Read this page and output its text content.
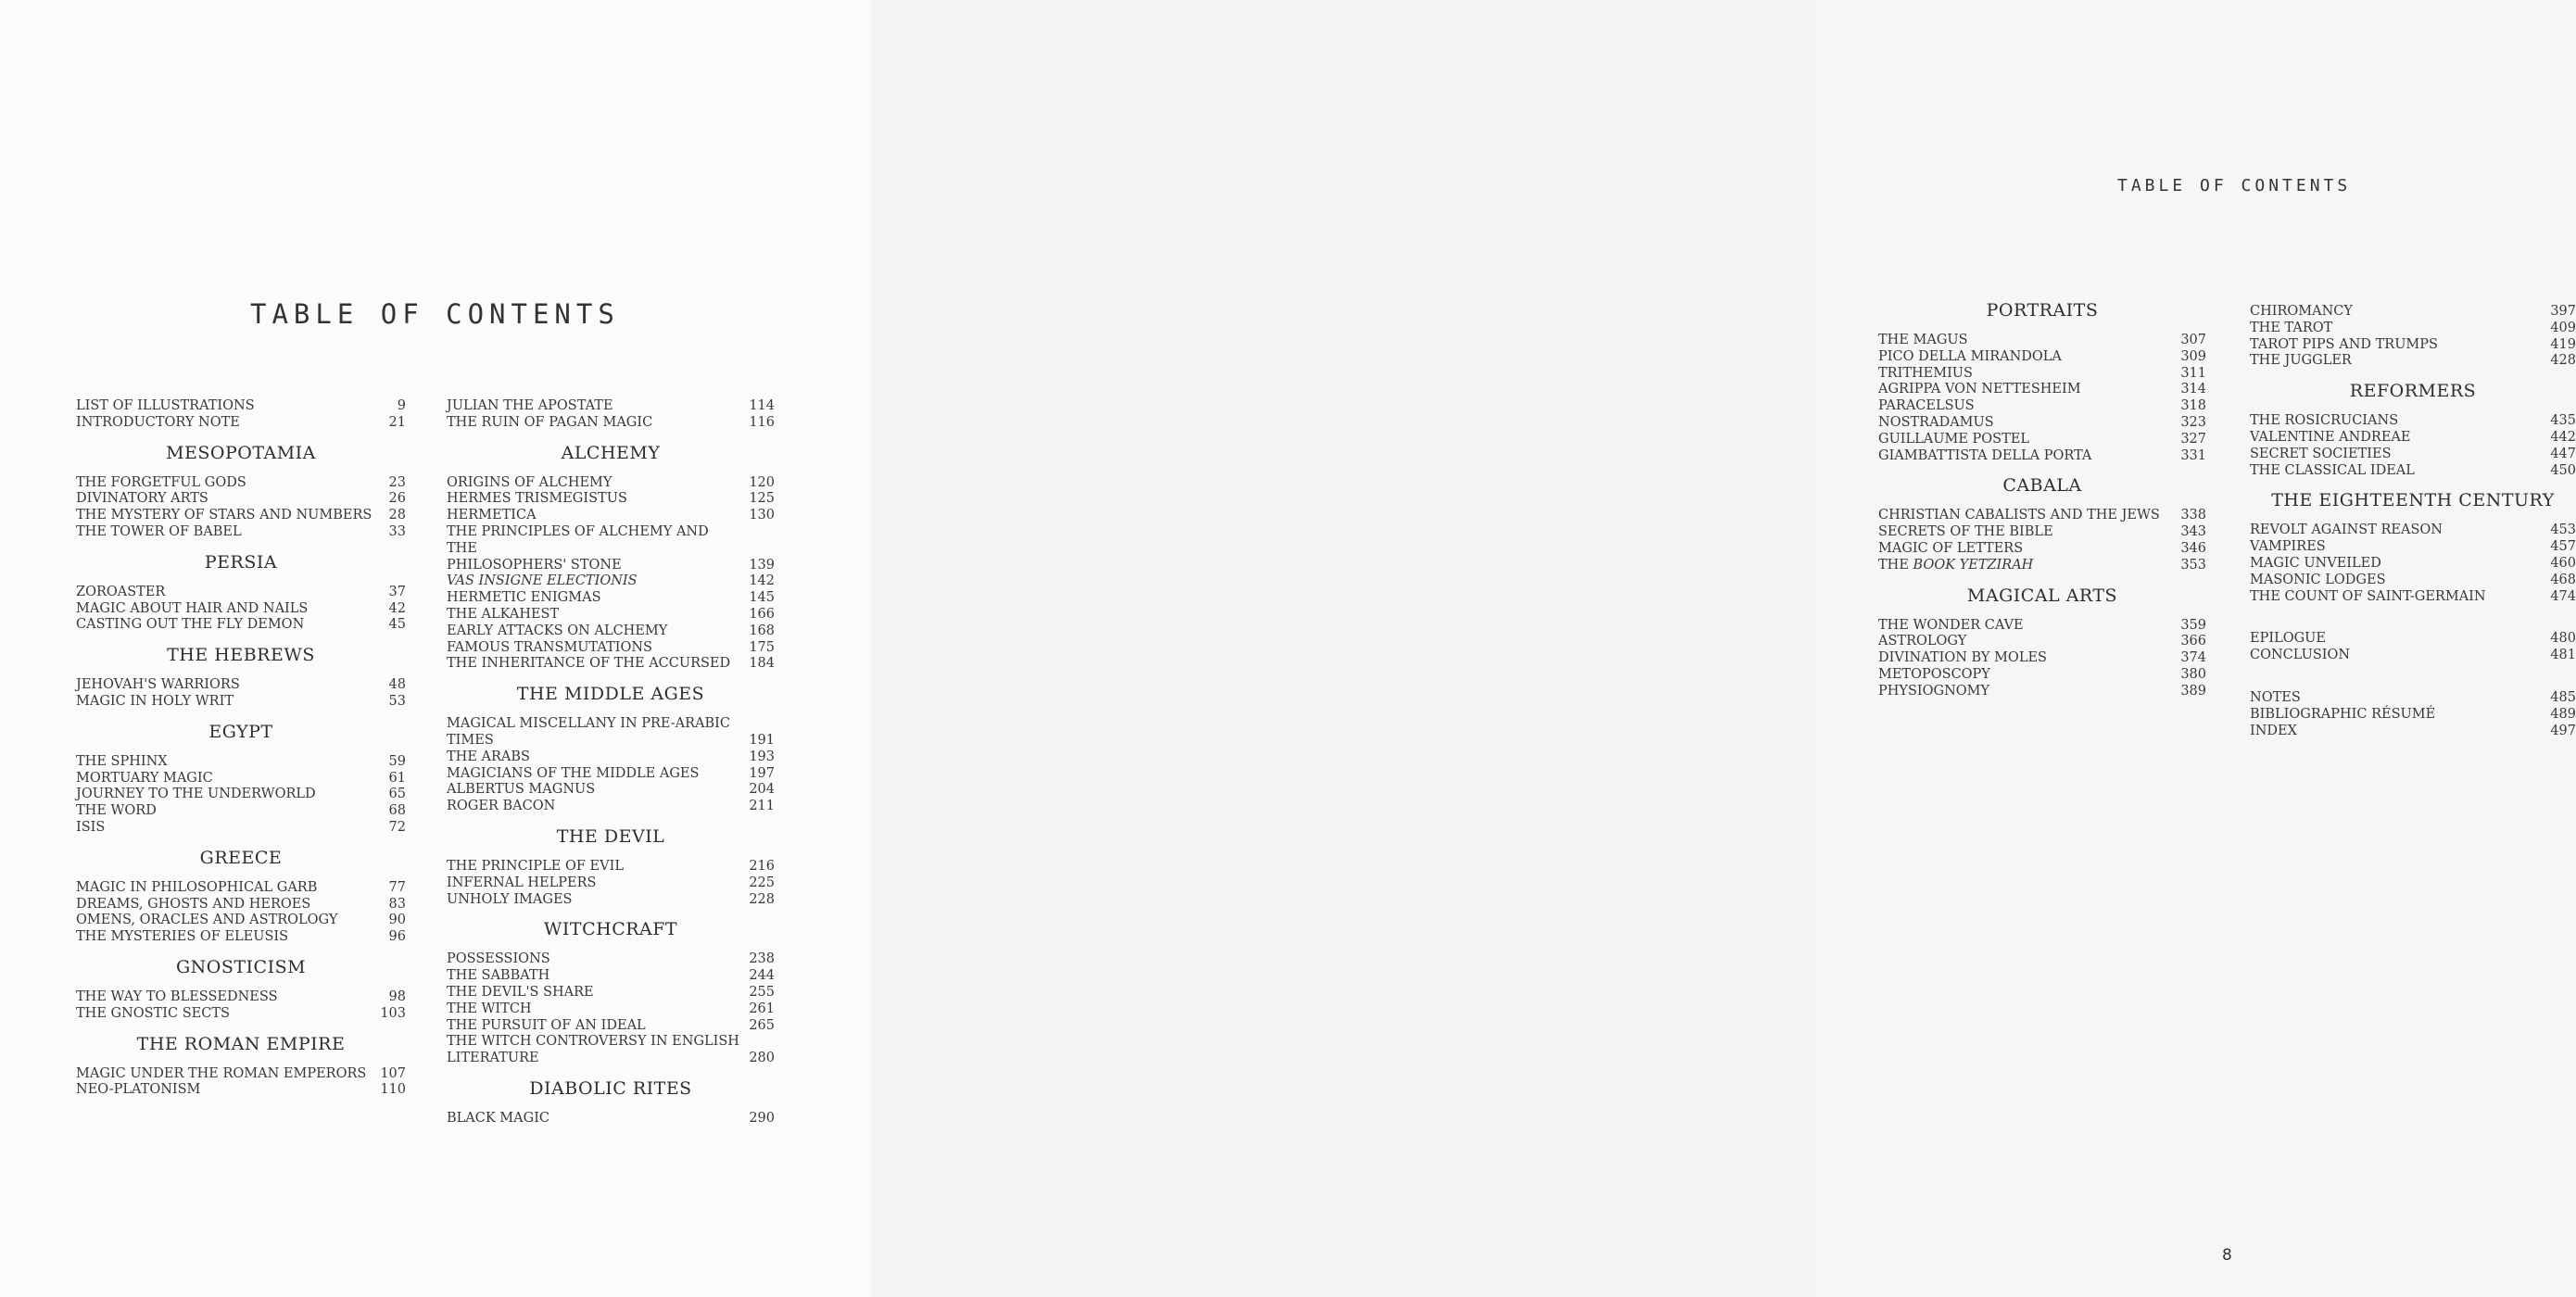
TABLE OF CONTENTS
LIST OF ILLUSTRATIONS	9
INTRODUCTORY NOTE	21
MESOPOTAMIA
THE FORGETFUL GODS	23
DIVINATORY ARTS	26
THE MYSTERY OF STARS AND NUMBERS	28
THE TOWER OF BABEL	33
PERSIA
ZOROASTER	37
MAGIC ABOUT HAIR AND NAILS	42
CASTING OUT THE FLY DEMON	45
THE HEBREWS
JEHOVAH'S WARRIORS	48
MAGIC IN HOLY WRIT	53
EGYPT
THE SPHINX	59
MORTUARY MAGIC	61
JOURNEY TO THE UNDERWORLD	65
THE WORD	68
ISIS	72
GREECE
MAGIC IN PHILOSOPHICAL GARB	77
DREAMS, GHOSTS AND HEROES	83
OMENS, ORACLES AND ASTROLOGY	90
THE MYSTERIES OF ELEUSIS	96
GNOSTICISM
THE WAY TO BLESSEDNESS	98
THE GNOSTIC SECTS	103
THE ROMAN EMPIRE
MAGIC UNDER THE ROMAN EMPERORS	107
NEO-PLATONISM	110
JULIAN THE APOSTATE	114
THE RUIN OF PAGAN MAGIC	116
ALCHEMY
ORIGINS OF ALCHEMY	120
HERMES TRISMEGISTUS	125
HERMETICA	130
THE PRINCIPLES OF ALCHEMY AND THE
PHILOSOPHERS' STONE	139
VAS INSIGNE ELECTIONIS	142
HERMETIC ENIGMAS	145
THE ALKAHEST	166
EARLY ATTACKS ON ALCHEMY	168
FAMOUS TRANSMUTATIONS	175
THE INHERITANCE OF THE ACCURSED	184
THE MIDDLE AGES
MAGICAL MISCELLANY IN PRE-ARABIC
TIMES	191
THE ARABS	193
MAGICIANS OF THE MIDDLE AGES	197
ALBERTUS MAGNUS	204
ROGER BACON	211
THE DEVIL
THE PRINCIPLE OF EVIL	216
INFERNAL HELPERS	225
UNHOLY IMAGES	228
WITCHCRAFT
POSSESSIONS	238
THE SABBATH	244
THE DEVIL'S SHARE	255
THE WITCH	261
THE PURSUIT OF AN IDEAL	265
THE WITCH CONTROVERSY IN ENGLISH
LITERATURE	280
DIABOLIC RITES
BLACK MAGIC	290
TABLE OF CONTENTS
PORTRAITS
THE MAGUS	307
PICO DELLA MIRANDOLA	309
TRITHEMIUS	311
AGRIPPA VON NETTESHEIM	314
PARACELSUS	318
NOSTRADAMUS	323
GUILLAUME POSTEL	327
GIAMBATTISTA DELLA PORTA	331
CABALA
CHRISTIAN CABALISTS AND THE JEWS	338
SECRETS OF THE BIBLE	343
MAGIC OF LETTERS	346
THE BOOK YETZIRAH	353
MAGICAL ARTS
THE WONDER CAVE	359
ASTROLOGY	366
DIVINATION BY MOLES	374
METOPOSCOPY	380
PHYSIOGNOMY	389
CHIROMANCY	397
THE TAROT	409
TAROT PIPS AND TRUMPS	419
THE JUGGLER	428
REFORMERS
THE ROSICRUCIANS	435
VALENTINE ANDREAE	442
SECRET SOCIETIES	447
THE CLASSICAL IDEAL	450
THE EIGHTEENTH CENTURY
REVOLT AGAINST REASON	453
VAMPIRES	457
MAGIC UNVEILED	460
MASONIC LODGES	468
THE COUNT OF SAINT-GERMAIN	474
EPILOGUE	480
CONCLUSION	481
NOTES	485
BIBLIOGRAPHIC RÉSUMÉ	489
INDEX	497
8
